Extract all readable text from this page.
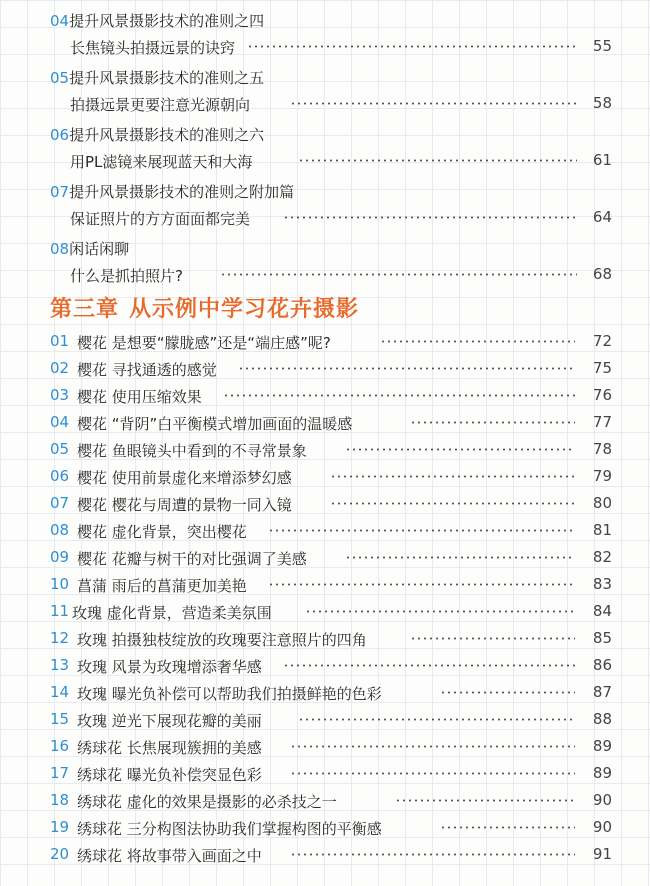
04提升风景摄影技术的准则之四
长焦镜头拍摄远景的诀窍	55
05提升风景摄影技术的准则之五
拍摄远景更要注意光源朝向	58
06提升风景摄影技术的准则之六
用PL滤镜来展现蓝天和大海	61
07提升风景摄影技术的准则之附加篇
保证照片的方方面面都完美	64
08闲话闲聊
什么是抓拍照片?	68
第三章 从示例中学习花卉摄影
01 樱花 是想要“朦胧感”还是“端庄感”呢?	72
02 樱花 寻找通透的感觉	75
03 樱花 使用压缩效果	76
04 樱花 “背阴”白平衡模式增加画面的温暖感	77
05 樱花 鱼眼镜头中看到的不寻常景象	78
06 樱花 使用前景虚化来增添梦幻感	79
07 樱花 樱花与周遭的景物一同入镜	80
08 樱花 虚化背景，突出樱花	81
09 樱花 花瓣与树干的对比强调了美感	82
10 菖蒲 雨后的菖蒲更加美艳	83
11 玫瑰 虚化背景，营造柔美氛围	84
12 玫瑰 拍摄独枝绽放的玫瑰要注意照片的四角	85
13 玫瑰 风景为玫瑰增添奢华感	86
14 玫瑰 曝光负补偿可以帮助我们拍摄鲜艳的色彩	87
15 玫瑰 逆光下展现花瓣的美丽	88
16 绣球花 长焦展现簇拥的美感	89
17 绣球花 曝光负补偿突显色彩	89
18 绣球花 虚化的效果是摄影的必杀技之一	90
19 绣球花 三分构图法协助我们掌握构图的平衡感	90
20 绣球花 将故事带入画面之中	91
